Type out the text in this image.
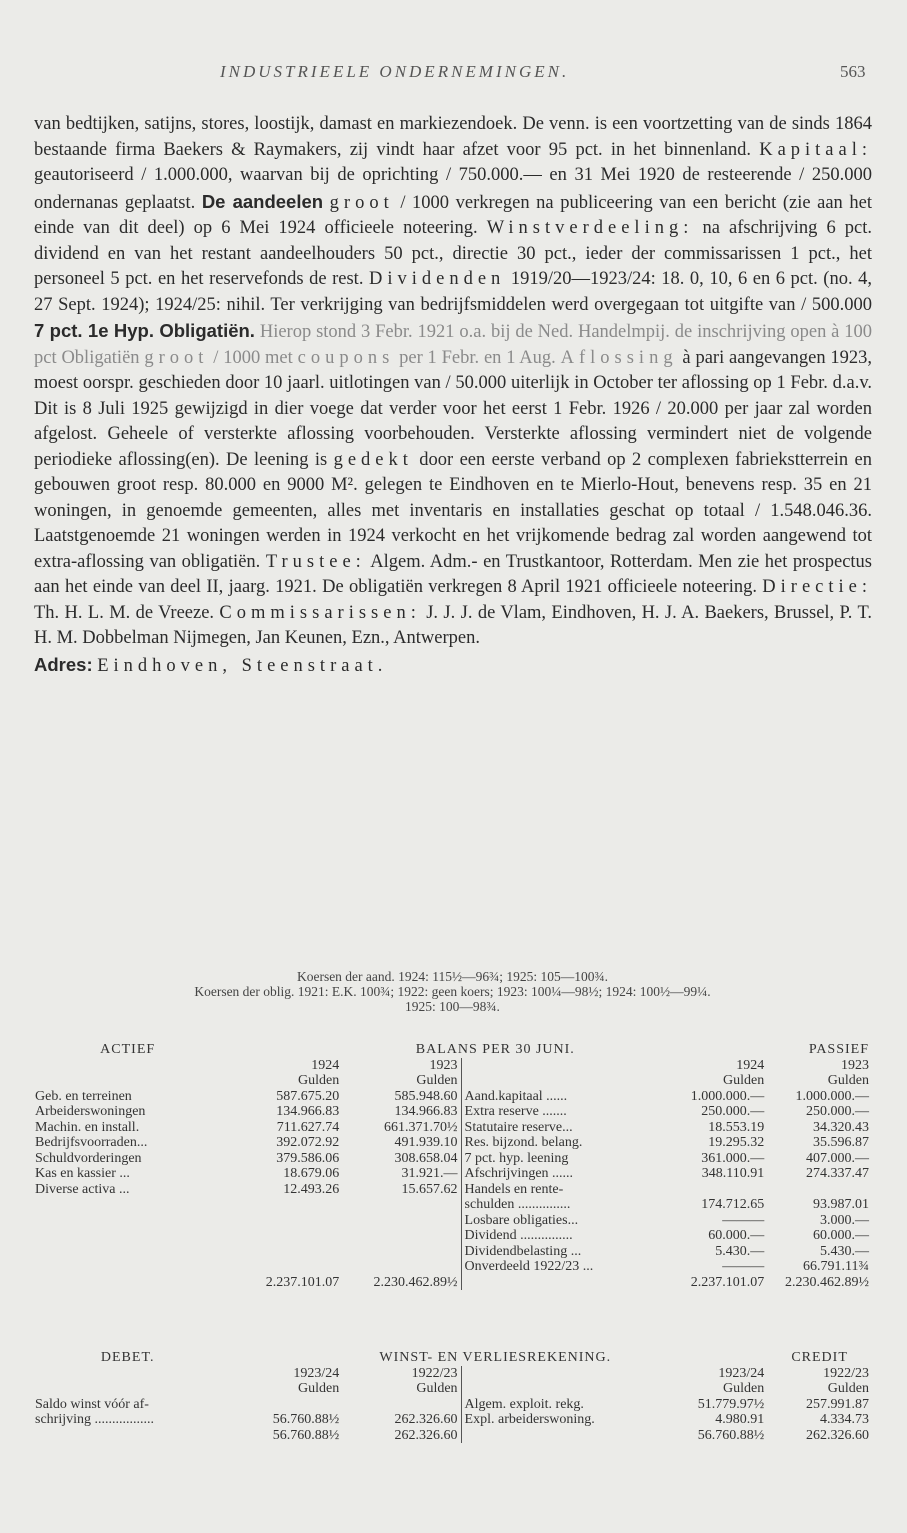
INDUSTRIEELE ONDERNEMINGEN.	563

van bedtijken, satijns, stores, loostijk, damast en markiezendoek. De venn. is een voortzetting van de sinds 1864 bestaande firma Baekers & Raymakers, zij vindt haar afzet voor 95 pct. in het binnenland. Kapitaal: geautoriseerd / 1.000.000, waarvan bij de oprichting / 750.000.— en 31 Mei 1920 de resteerende / 250.000 ondernanas geplaatst. De aandeelen groot / 1000 verkregen na publiceering van een bericht (zie aan het einde van dit deel) op 6 Mei 1924 officieele noteering. Winstverdeeling: na afschrijving 6 pct. dividend en van het restant aandeelhouders 50 pct., directie 30 pct., ieder der commissarissen 1 pct., het personeel 5 pct. en het reservefonds de rest. Dividenden 1919/20—1923/24: 18. 0, 10, 6 en 6 pct. (no. 4, 27 Sept. 1924); 1924/25: nihil. Ter verkrijging van bedrijfsmiddelen werd overgegaan tot uitgifte van / 500.000 7 pct. 1e Hyp. Obligatiën. Hierop stond 3 Febr. 1921 o.a. bij de Ned. Handelmpij. de inschrijving open à 100 pct Obligatiën groot / 1000 met coupons per 1 Febr. en 1 Aug. Aflossing à pari aangevangen 1923, moest oorspr. geschieden door 10 jaarl. uitlotingen van / 50.000 uiterlijk in October ter aflossing op 1 Febr. d.a.v. Dit is 8 Juli 1925 gewijzigd in dier voege dat verder voor het eerst 1 Febr. 1926 / 20.000 per jaar zal worden afgelost. Geheele of versterkte aflossing voorbehouden. Versterkte aflossing vermindert niet de volgende periodieke aflossing(en). De leening is gedekt door een eerste verband op 2 complexen fabriekstterrein en gebouwen groot resp. 80.000 en 9000 M². gelegen te Eindhoven en te Mierlo-Hout, benevens resp. 35 en 21 woningen, in genoemde gemeenten, alles met inventaris en installaties geschat op totaal / 1.548.046.36. Laatstgenoemde 21 woningen werden in 1924 verkocht en het vrijkomende bedrag zal worden aangewend tot extra-aflossing van obligatiën. Trustee: Algem. Adm.- en Trustkantoor, Rotterdam. Men zie het prospectus aan het einde van deel II, jaarg. 1921. De obligatiën verkregen 8 April 1921 officieele noteering. Directie: Th. H. L. M. de Vreeze. Commissarissen: J. J. J. de Vlam, Eindhoven, H. J. A. Baekers, Brussel, P. T. H. M. Dobbelman Nijmegen, Jan Keunen, Ezn., Antwerpen.

Adres: Eindhoven, Steenstraat.

Koersen der aand. 1924: 115½—96¾; 1925: 105—100¾.
Koersen der oblig. 1921: E.K. 100¾; 1922: geen koers; 1923: 100¼—98½; 1924: 100½—99¼.
1925: 100—98¾.
ACTIEF	BALANS PER 30 JUNI.				PASSIEF
	1924	1923		1924	1923
	Gulden	Gulden		Gulden	Gulden
Geb. en terreinen	587.675.20	585.948.60	Aand.kapitaal ......	1.000.000.—	1.000.000.—
Arbeiderswoningen	134.966.83	134.966.83	Extra reserve .......	250.000.—	250.000.—
Machin. en install.	711.627.74	661.371.70½	Statutaire reserve...	18.553.19	34.320.43
Bedrijfsvoorraden...	392.072.92	491.939.10	Res. bijzond. belang.	19.295.32	35.596.87
Schuldvorderingen	379.586.06	308.658.04	7 pct. hyp. leening	361.000.—	407.000.—
Kas en kassier ...	18.679.06	31.921.—	Afschrijvingen ......	348.110.91	274.337.47
Diverse activa ...	12.493.26	15.657.62	Handels en rente-		
			schulden ...............	174.712.65	93.987.01
			Losbare obligaties...	———	3.000.—
			Dividend ...............	60.000.—	60.000.—
			Dividendbelasting ...	5.430.—	5.430.—
			Onverdeeld 1922/23 ...	———	66.791.11¾
	2.237.101.07	2.230.462.89½		2.237.101.07	2.230.462.89½
DEBET.	WINST- EN VERLIESREKENING.				CREDIT
	1923/24	1922/23		1923/24	1922/23
	Gulden	Gulden		Gulden	Gulden
Saldo winst vóór af-			Algem. exploit. rekg.	51.779.97½	257.991.87
schrijving .................	56.760.88½	262.326.60	Expl. arbeiderswoning.	4.980.91	4.334.73
	56.760.88½	262.326.60		56.760.88½	262.326.60
